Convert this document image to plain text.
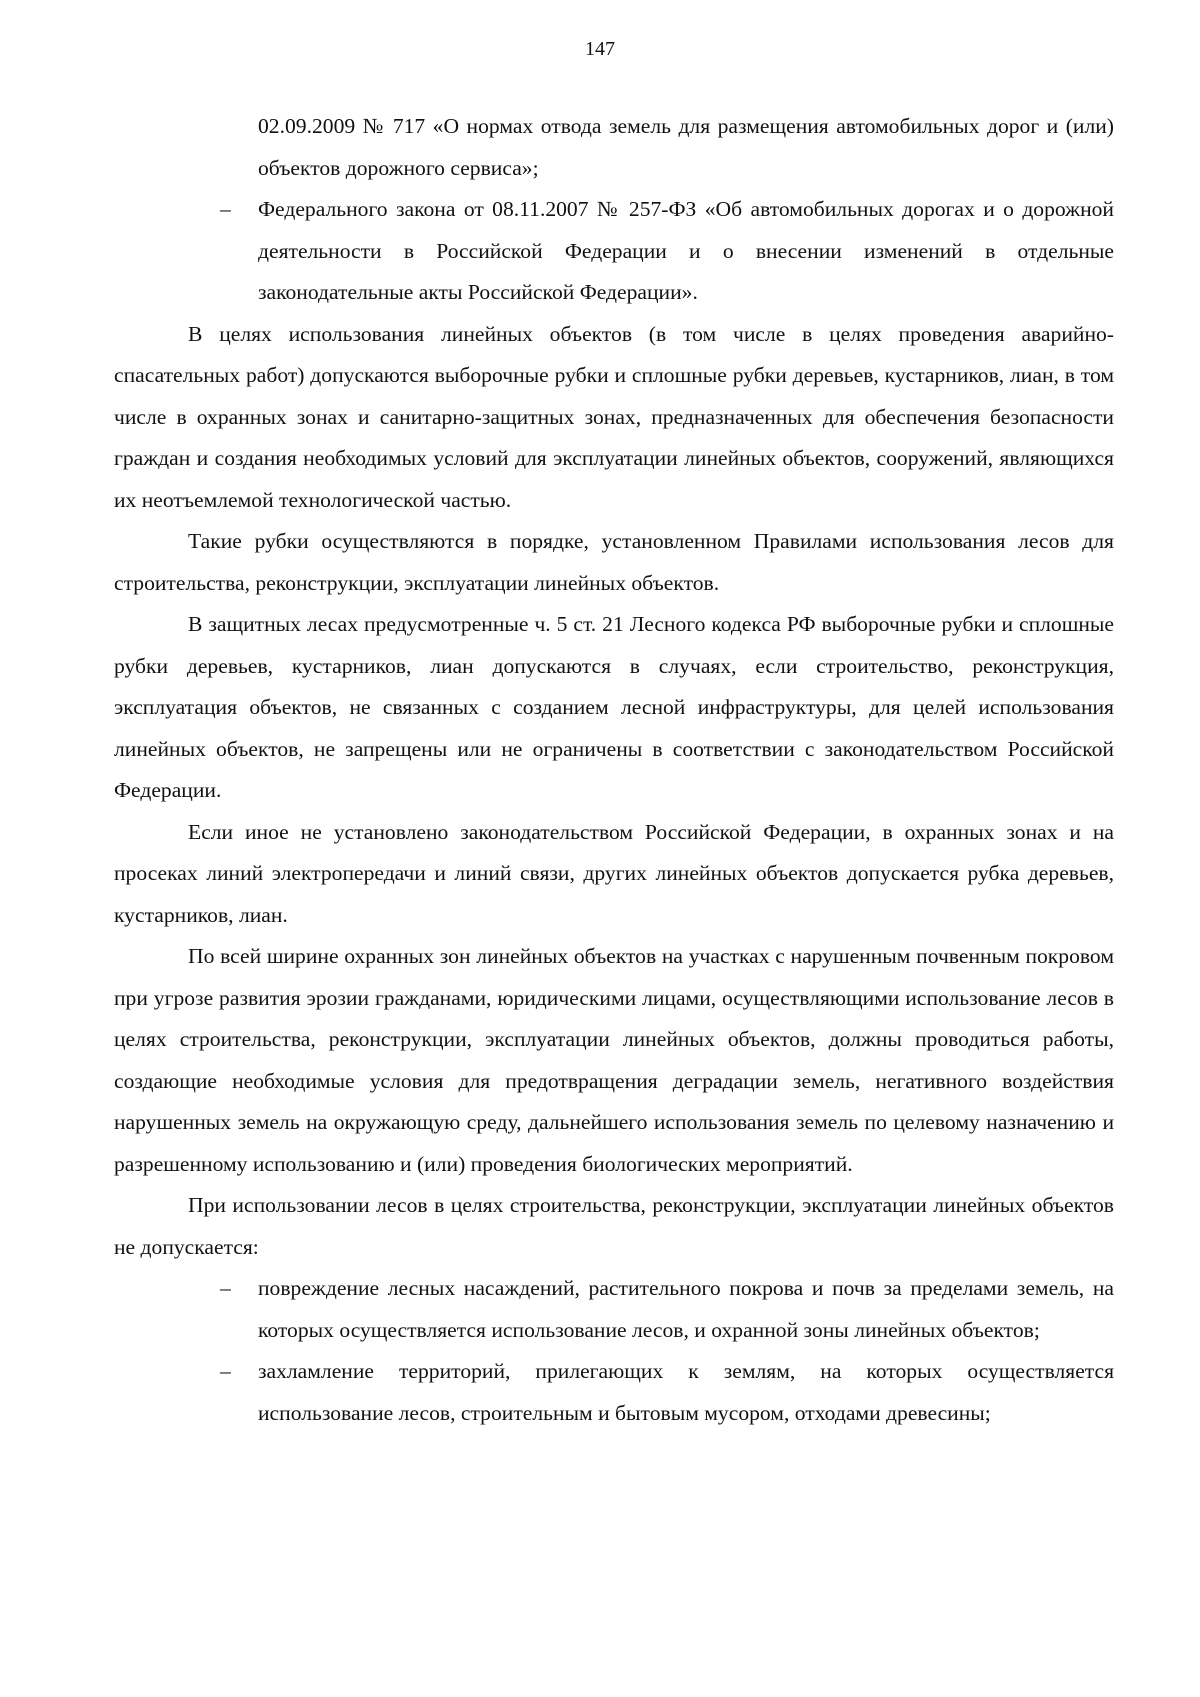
147

02.09.2009 № 717 «О нормах отвода земель для размещения автомобильных дорог и (или) объектов дорожного сервиса»;

– Федерального закона от 08.11.2007 № 257-ФЗ «Об автомобильных дорогах и о дорожной деятельности в Российской Федерации и о внесении изменений в отдельные законодательные акты Российской Федерации».

В целях использования линейных объектов (в том числе в целях проведения аварийно-спасательных работ) допускаются выборочные рубки и сплошные рубки деревьев, кустарников, лиан, в том числе в охранных зонах и санитарно-защитных зонах, предназначенных для обеспечения безопасности граждан и создания необходимых условий для эксплуатации линейных объектов, сооружений, являющихся их неотъемлемой технологической частью.

Такие рубки осуществляются в порядке, установленном Правилами использования лесов для строительства, реконструкции, эксплуатации линейных объектов.

В защитных лесах предусмотренные ч. 5 ст. 21 Лесного кодекса РФ выборочные рубки и сплошные рубки деревьев, кустарников, лиан допускаются в случаях, если строительство, реконструкция, эксплуатация объектов, не связанных с созданием лесной инфраструктуры, для целей использования линейных объектов, не запрещены или не ограничены в соответствии с законодательством Российской Федерации.

Если иное не установлено законодательством Российской Федерации, в охранных зонах и на просеках линий электропередачи и линий связи, других линейных объектов допускается рубка деревьев, кустарников, лиан.

По всей ширине охранных зон линейных объектов на участках с нарушенным почвенным покровом при угрозе развития эрозии гражданами, юридическими лицами, осуществляющими использование лесов в целях строительства, реконструкции, эксплуатации линейных объектов, должны проводиться работы, создающие необходимые условия для предотвращения деградации земель, негативного воздействия нарушенных земель на окружающую среду, дальнейшего использования земель по целевому назначению и разрешенному использованию и (или) проведения биологических мероприятий.

При использовании лесов в целях строительства, реконструкции, эксплуатации линейных объектов не допускается:

– повреждение лесных насаждений, растительного покрова и почв за пределами земель, на которых осуществляется использование лесов, и охранной зоны линейных объектов;
– захламление территорий, прилегающих к землям, на которых осуществляется использование лесов, строительным и бытовым мусором, отходами древесины;
